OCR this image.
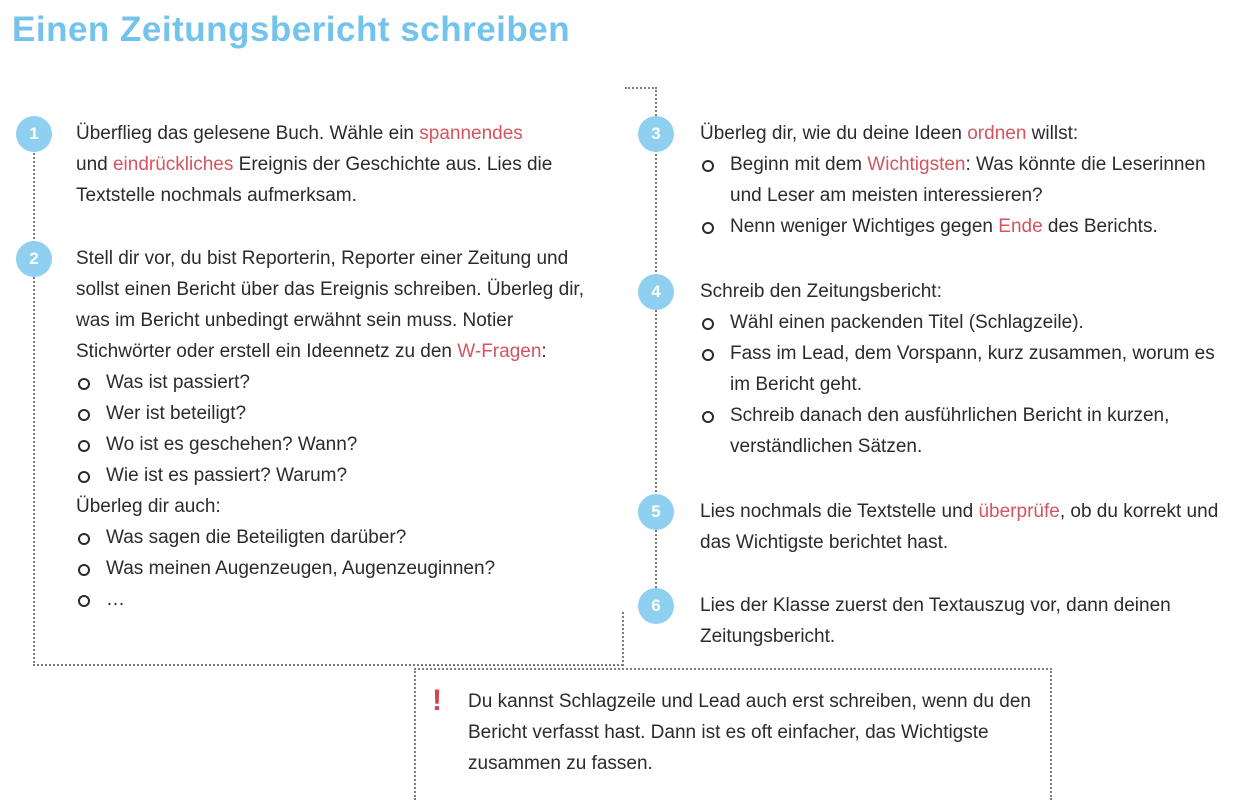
Einen Zeitungsbericht schreiben
1	Überflieg das gelesene Buch. Wähle ein spannendes
und eindrückliches Ereignis der Geschichte aus. Lies die Textstelle nochmals aufmerksam.

2	Stell dir vor, du bist Reporterin, Reporter einer Zeitung und sollst einen Bericht über das Ereignis schreiben. Überleg dir, was im Bericht unbedingt erwähnt sein muss. Notier Stichwörter oder erstell ein Ideennetz zu den W-Fragen:

Was ist passiert?
Wer ist beteiligt?
Wo ist es geschehen? Wann?
Wie ist es passiert? Warum?

Überleg dir auch:

Was sagen die Beteiligten darüber?
Was meinen Augenzeugen, Augenzeuginnen?
…
3	Überleg dir, wie du deine Ideen ordnen willst:

Beginn mit dem Wichtigsten: Was könnte die Leserinnen und Leser am meisten interessieren?
Nenn weniger Wichtiges gegen Ende des Berichts.
4	Schreib den Zeitungsbericht:

Wähl einen packenden Titel (Schlagzeile).
Fass im Lead, dem Vorspann, kurz zusammen, worum es im Bericht geht.
Schreib danach den ausführlichen Bericht in kurzen, verständlichen Sätzen.
5	Lies nochmals die Textstelle und überprüfe, ob du korrekt und das Wichtigste berichtet hast.

6	Lies der Klasse zuerst den Textauszug vor, dann deinen Zeitungsbericht.

! Du kannst Schlagzeile und Lead auch erst schreiben, wenn du den Bericht verfasst hast. Dann ist es oft einfacher, das Wichtigste zusammen zu fassen.
